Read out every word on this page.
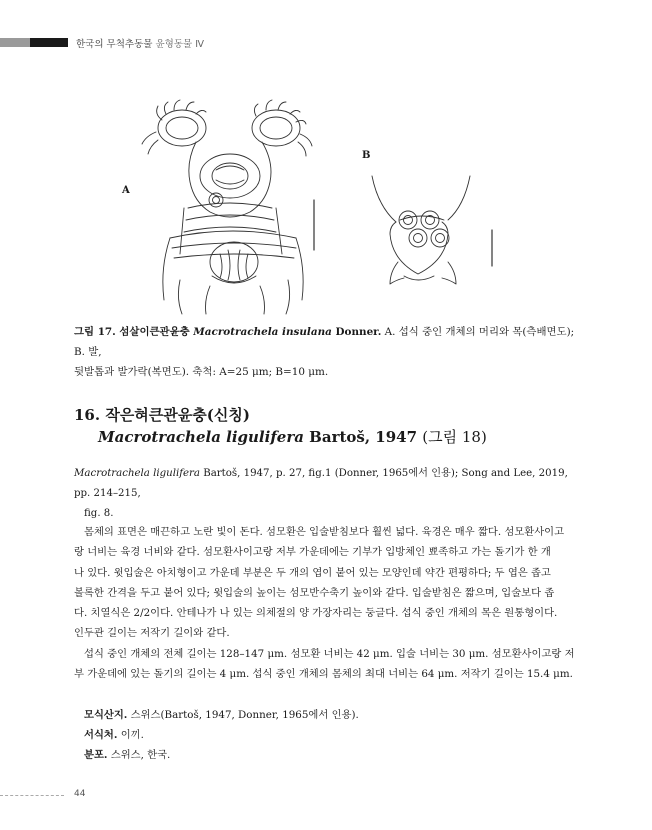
한국의 무척추동물 윤형동물 Ⅳ
A
B
그림 17. 섬살이큰관윤충 Macrotrachela insulana Donner. A. 섭식 중인 개체의 머리와 목(측배면도); B. 발,
뒷발톱과 발가락(복면도). 축척: A=25 μm; B=10 μm.
16. 작은혀큰관윤충(신칭)
Macrotrachela ligulifera Bartoš, 1947 (그림 18)
Macrotrachela ligulifera Bartoš, 1947, p. 27, fig.1 (Donner, 1965에서 인용); Song and Lee, 2019, pp. 214–215,
fig. 8.
몸체의 표면은 매끈하고 노란 빛이 돈다. 섬모환은 입술받침보다 훨씬 넓다. 육경은 매우 짧다. 섬모환사이고
랑 너비는 육경 너비와 같다. 섬모환사이고랑 저부 가운데에는 기부가 입방체인 뾰족하고 가는 돌기가 한 개
나 있다. 윗입술은 아치형이고 가운데 부분은 두 개의 엽이 붙어 있는 모양인데 약간 편평하다; 두 엽은 좁고
볼록한 간격을 두고 붙어 있다; 윗입술의 높이는 섬모반수축기 높이와 같다. 입술받침은 짧으며, 입술보다 좁
다. 치열식은 2/2이다. 안테나가 나 있는 의체절의 양 가장자리는 둥글다. 섭식 중인 개체의 목은 원통형이다.
인두관 길이는 저작기 길이와 같다.
섭식 중인 개체의 전체 길이는 128–147 μm. 섬모환 너비는 42 μm. 입술 너비는 30 μm. 섬모환사이고랑 저
부 가운데에 있는 돌기의 길이는 4 μm. 섭식 중인 개체의 몸체의 최대 너비는 64 μm. 저작기 길이는 15.4 μm.
모식산지. 스위스(Bartoš, 1947, Donner, 1965에서 인용).
서식처. 이끼.
분포. 스위스, 한국.
44
